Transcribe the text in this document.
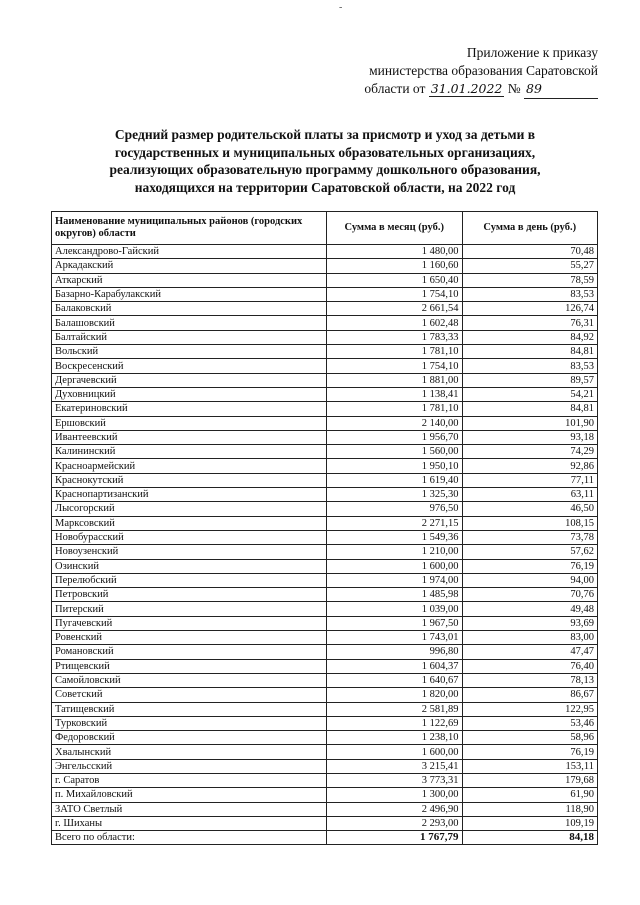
-
Приложение к приказу
министерства образования Саратовской
области от 31.01.2022 № 89
Средний размер родительской платы за присмотр и уход за детьми в
государственных и муниципальных образовательных организациях,
реализующих образовательную программу дошкольного образования,
находящихся на территории Саратовской области, на 2022 год
Наименование муниципальных районов (городских округов) области	Сумма в месяц (руб.)	Сумма в день (руб.)
Александрово-Гайский	1 480,00	70,48
Аркадакский	1 160,60	55,27
Аткарский	1 650,40	78,59
Базарно-Карабулакский	1 754,10	83,53
Балаковский	2 661,54	126,74
Балашовский	1 602,48	76,31
Балтайский	1 783,33	84,92
Вольский	1 781,10	84,81
Воскресенский	1 754,10	83,53
Дергачевский	1 881,00	89,57
Духовницкий	1 138,41	54,21
Екатериновский	1 781,10	84,81
Ершовский	2 140,00	101,90
Ивантеевский	1 956,70	93,18
Калининский	1 560,00	74,29
Красноармейский	1 950,10	92,86
Краснокутский	1 619,40	77,11
Краснопартизанский	1 325,30	63,11
Лысогорский	976,50	46,50
Марксовский	2 271,15	108,15
Новобурасский	1 549,36	73,78
Новоузенский	1 210,00	57,62
Озинский	1 600,00	76,19
Перелюбский	1 974,00	94,00
Петровский	1 485,98	70,76
Питерский	1 039,00	49,48
Пугачевский	1 967,50	93,69
Ровенский	1 743,01	83,00
Романовский	996,80	47,47
Ртищевский	1 604,37	76,40
Самойловский	1 640,67	78,13
Советский	1 820,00	86,67
Татищевский	2 581,89	122,95
Турковский	1 122,69	53,46
Федоровский	1 238,10	58,96
Хвалынский	1 600,00	76,19
Энгельсский	3 215,41	153,11
г. Саратов	3 773,31	179,68
п. Михайловский	1 300,00	61,90
ЗАТО Светлый	2 496,90	118,90
г. Шиханы	2 293,00	109,19
Всего по области:	1 767,79	84,18
